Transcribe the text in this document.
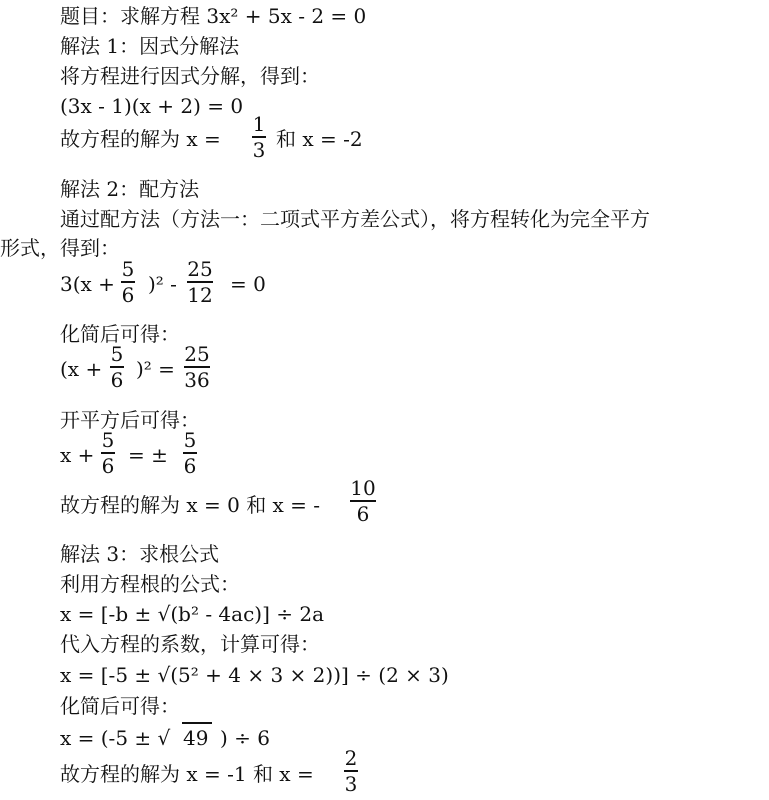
题目：求解方程 3x² + 5x - 2 = 0
解法 1：因式分解法
将方程进行因式分解，得到：
(3x - 1)(x + 2) = 0
故方程的解为 x =
1
3 和 x = -2
解法 2：配方法
通过配方法（方法一：二项式平方差公式），将方程转化为完全平方
形式，得到：
3(x +
5
6 )² -
25
12 = 0
化简后可得：
(x +
5
6 )² =
25
36
开平方后可得：
x +
5
6 = ±
5
6
故方程的解为 x = 0 和 x = -
10
6
解法 3：求根公式
利用方程根的公式：
x = [-b ± √(b² - 4ac)] ÷ 2a
代入方程的系数，计算可得：
x = [-5 ± √(5² + 4 × 3 × 2))] ÷ (2 × 3)
化简后可得：
x = (-5 ± √ 49 ) ÷ 6
故方程的解为 x = -1 和 x =
2
3
